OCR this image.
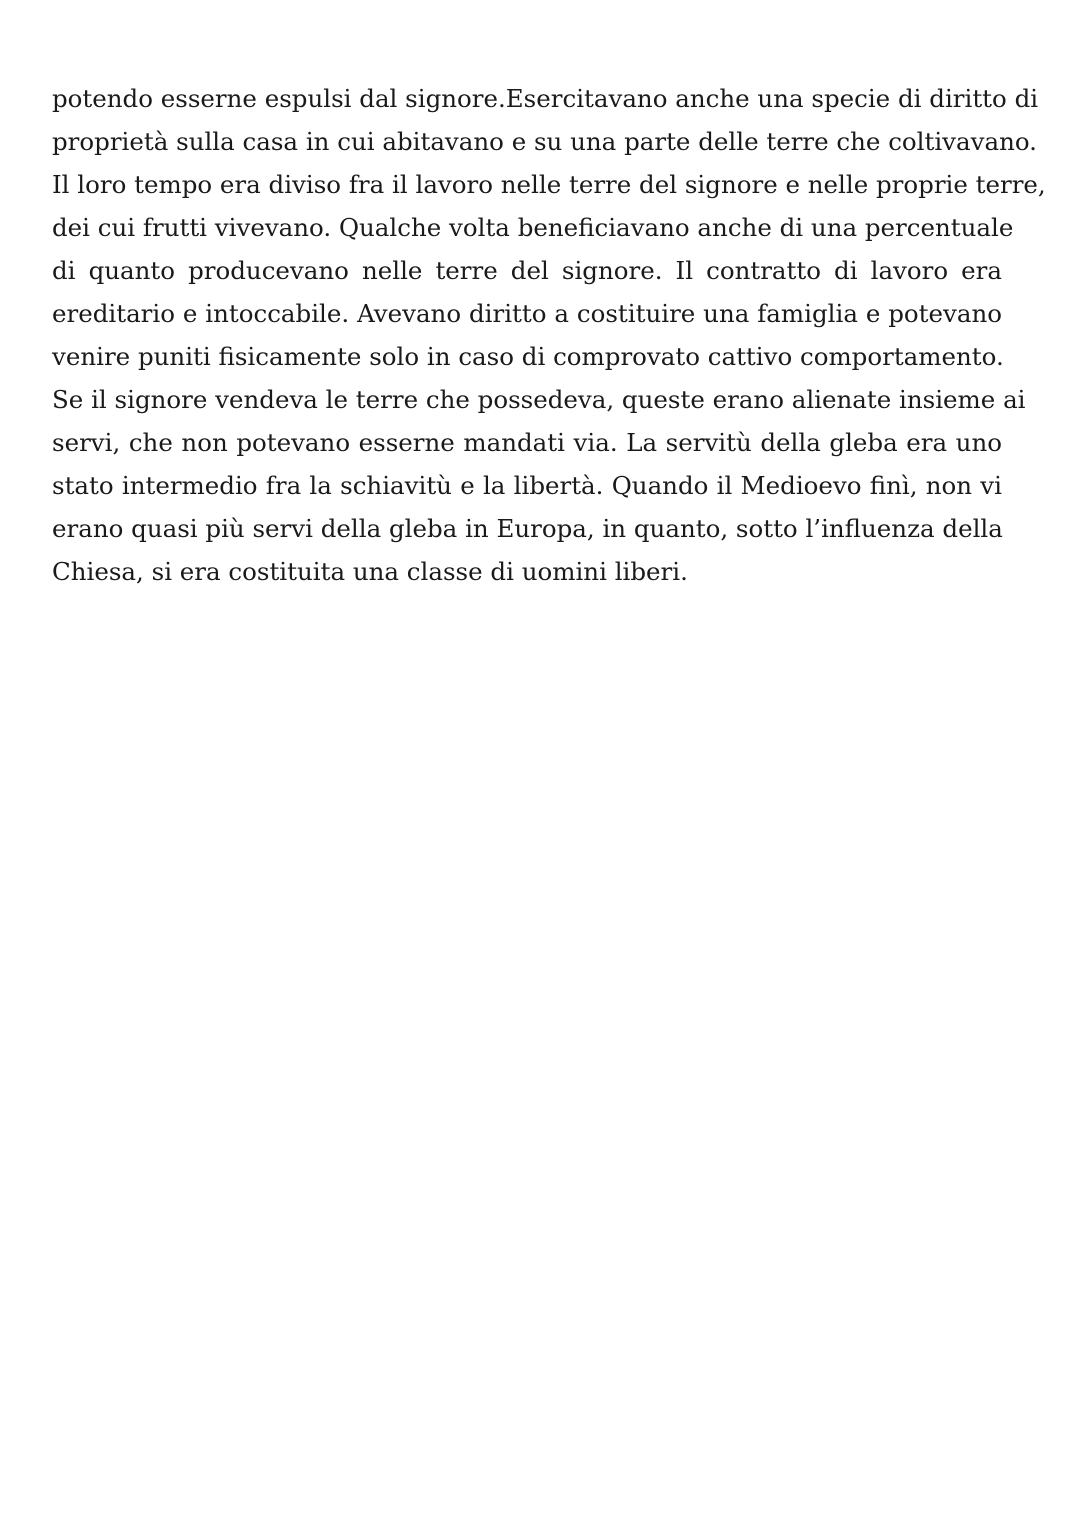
potendo esserne espulsi dal signore.Esercitavano anche una specie di diritto di
proprietà sulla casa in cui abitavano e su una parte delle terre che coltivavano.
Il loro tempo era diviso fra il lavoro nelle terre del signore e nelle proprie terre,
dei cui frutti vivevano. Qualche volta beneficiavano anche di una percentuale
di quanto producevano nelle terre del signore. Il contratto di lavoro era
ereditario e intoccabile. Avevano diritto a costituire una famiglia e potevano
venire puniti fisicamente solo in caso di comprovato cattivo comportamento.
Se il signore vendeva le terre che possedeva, queste erano alienate insieme ai
servi, che non potevano esserne mandati via. La servitù della gleba era uno
stato intermedio fra la schiavitù e la libertà. Quando il Medioevo finì, non vi
erano quasi più servi della gleba in Europa, in quanto, sotto l’influenza della
Chiesa, si era costituita una classe di uomini liberi.
